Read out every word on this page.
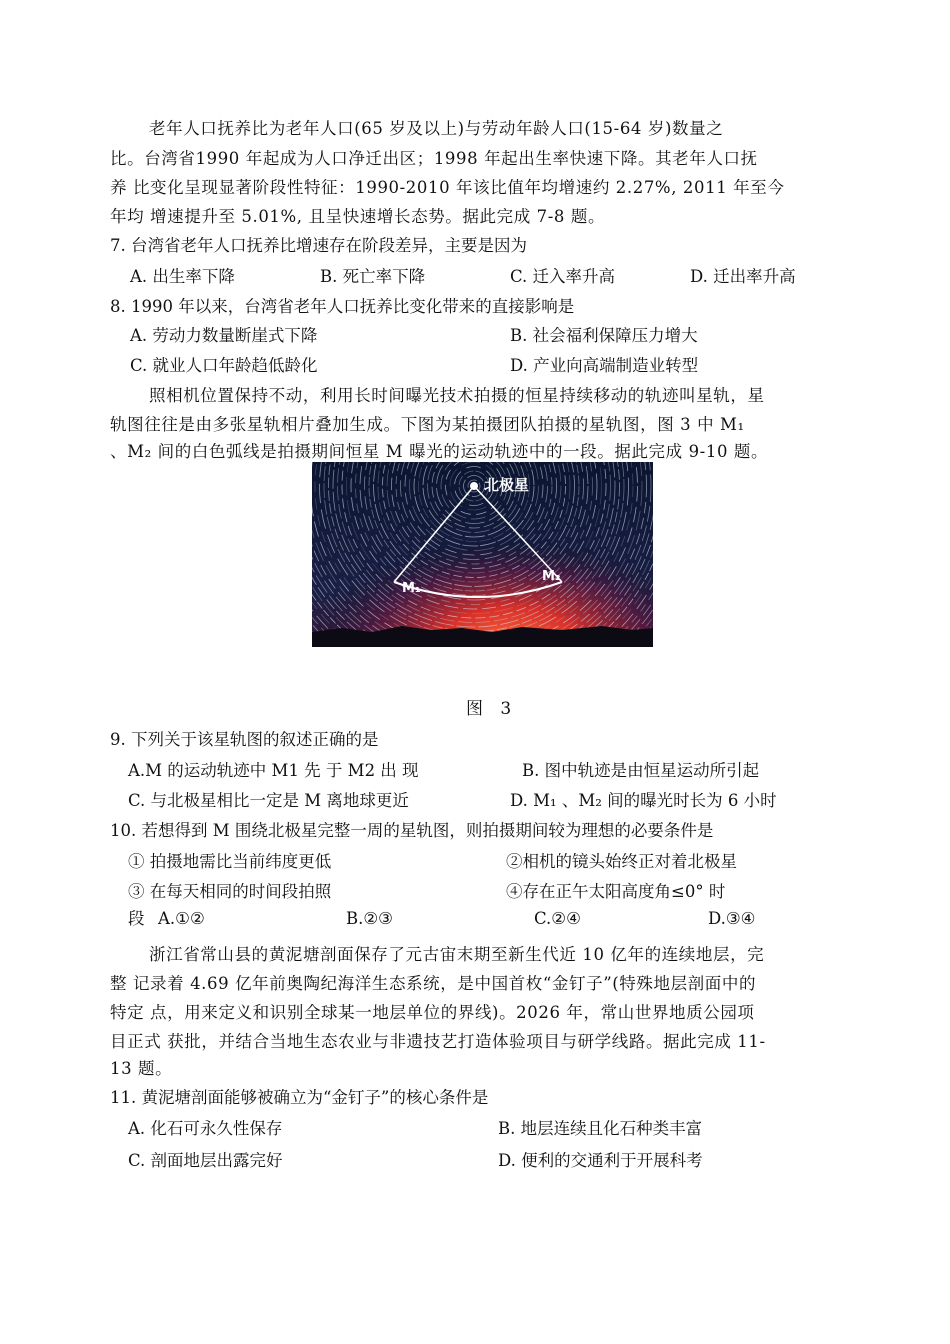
老年人口抚养比为老年人口(65 岁及以上)与劳动年龄人口(15-64 岁)数量之
比。台湾省1990 年起成为人口净迁出区；1998 年起出生率快速下降。其老年人口抚
养 比变化呈现显著阶段性特征：1990-2010 年该比值年均增速约 2.27%, 2011 年至今
年均 增速提升至 5.01%, 且呈快速增长态势。据此完成 7-8 题。
7. 台湾省老年人口抚养比增速存在阶段差异，主要是因为
A. 出生率下降	B. 死亡率下降	C. 迁入率升高	D. 迁出率升高
8. 1990 年以来，台湾省老年人口抚养比变化带来的直接影响是
A. 劳动力数量断崖式下降	B. 社会福利保障压力增大
C. 就业人口年龄趋低龄化	D. 产业向高端制造业转型
照相机位置保持不动，利用长时间曝光技术拍摄的恒星持续移动的轨迹叫星轨，星
轨图往往是由多张星轨相片叠加生成。下图为某拍摄团队拍摄的星轨图，图 3 中 M₁
、M₂ 间的白色弧线是拍摄期间恒星 M 曝光的运动轨迹中的一段。据此完成 9-10 题。
北极星
M₁
M₂
图 3
9. 下列关于该星轨图的叙述正确的是
A.M 的运动轨迹中 M1 先 于 M2 出 现	B. 图中轨迹是由恒星运动所引起
C. 与北极星相比一定是 M 离地球更近	D. M₁ 、M₂ 间的曝光时长为 6 小时
10. 若想得到 M 围绕北极星完整一周的星轨图，则拍摄期间较为理想的必要条件是
① 拍摄地需比当前纬度更低	②相机的镜头始终正对着北极星
③ 在每天相同的时间段拍照	④存在正午太阳高度角≤0° 时
段 A.①②	B.②③	C.②④	D.③④
浙江省常山县的黄泥塘剖面保存了元古宙末期至新生代近 10 亿年的连续地层，完
整 记录着 4.69 亿年前奥陶纪海洋生态系统，是中国首枚“金钉子”(特殊地层剖面中的
特定 点，用来定义和识别全球某一地层单位的界线)。2026 年，常山世界地质公园项
目正式 获批，并结合当地生态农业与非遗技艺打造体验项目与研学线路。据此完成 11-
13 题。
11. 黄泥塘剖面能够被确立为“金钉子”的核心条件是
A. 化石可永久性保存	B. 地层连续且化石种类丰富
C. 剖面地层出露完好	D. 便利的交通利于开展科考
